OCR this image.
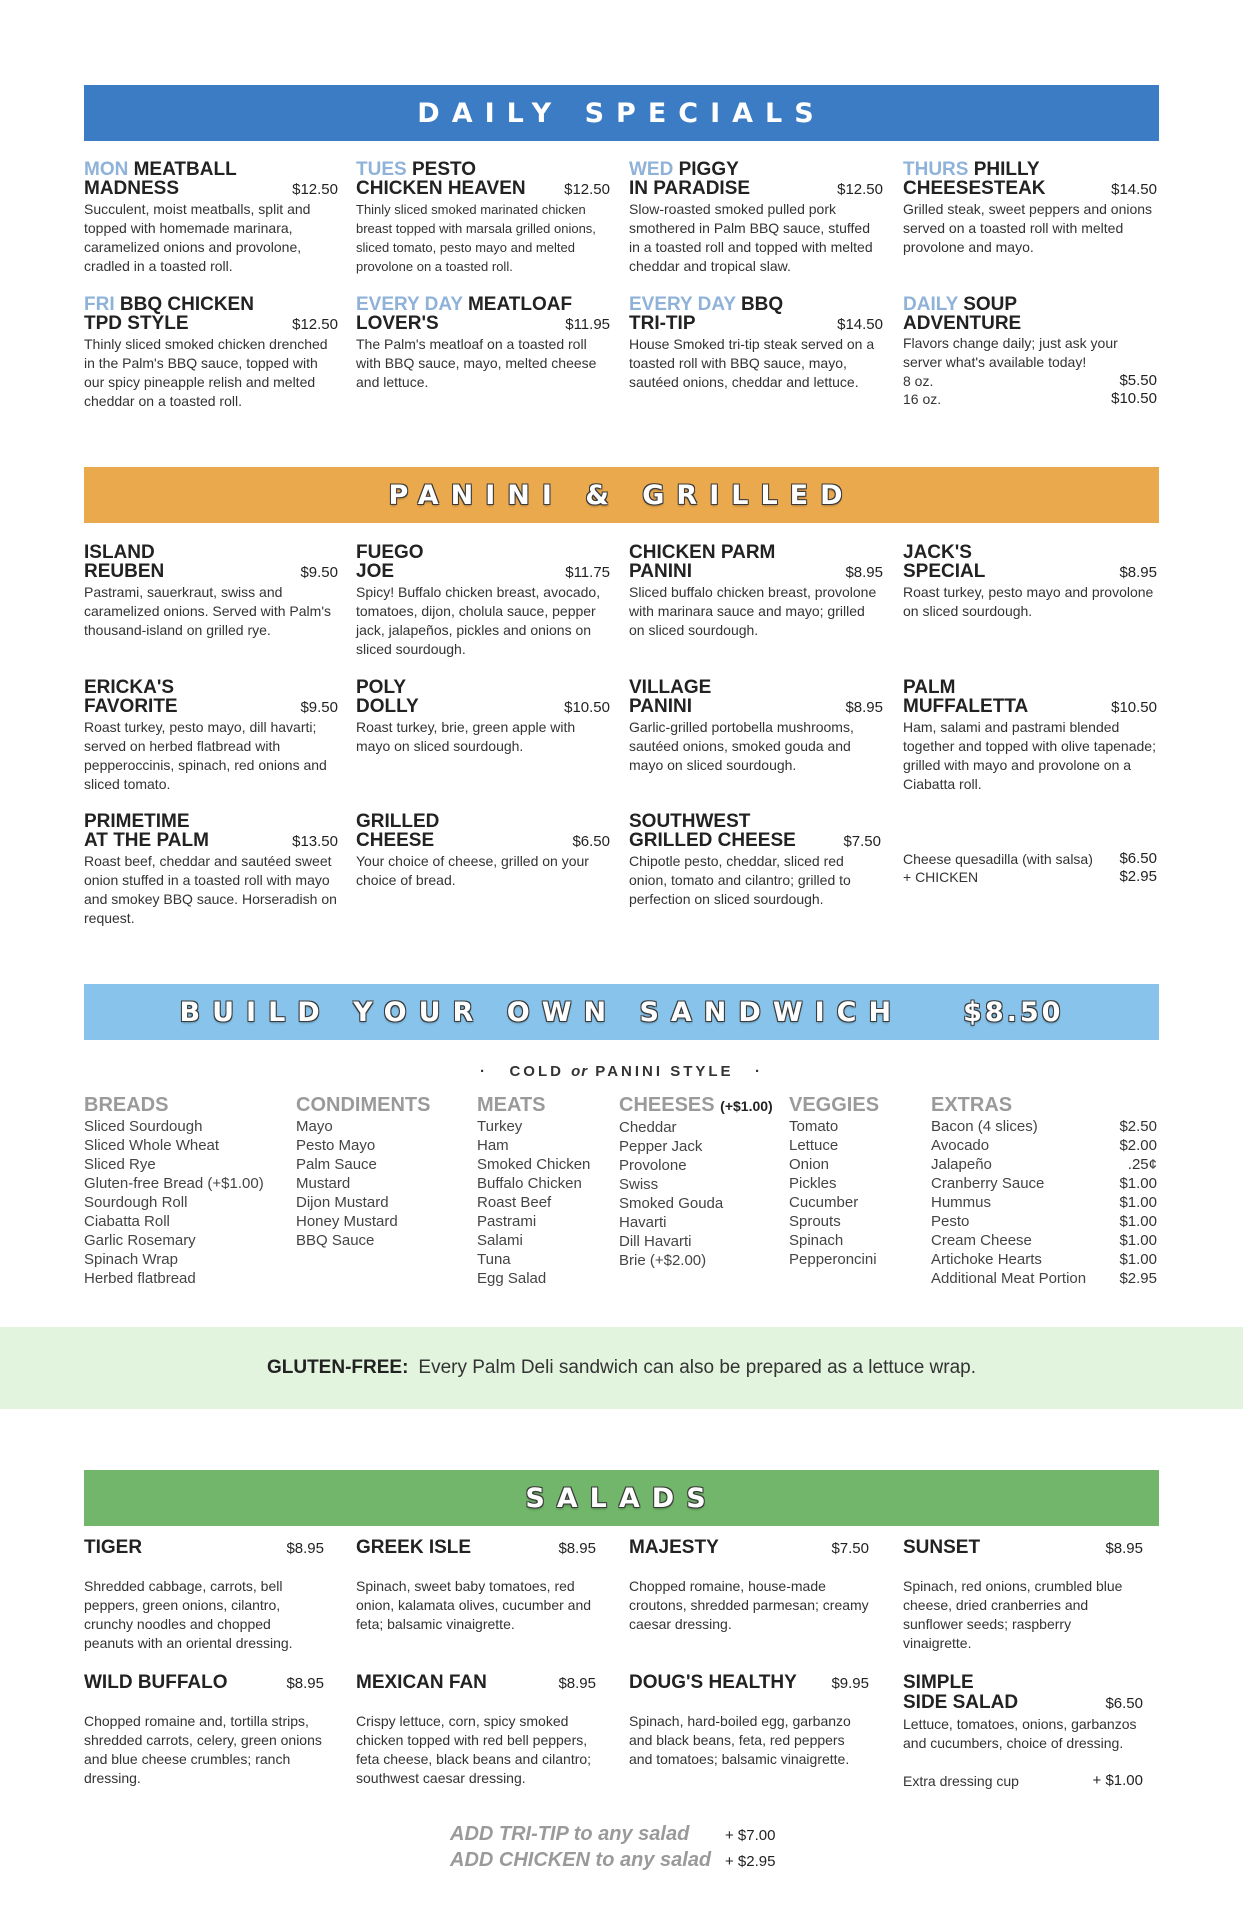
DAILY SPECIALS
MON MEATBALL
MADNESS	$12.50
Succulent, moist meatballs, split and topped with homemade marinara, caramelized onions and provolone, cradled in a toasted roll.
TUES PESTO
CHICKEN HEAVEN	$12.50
Thinly sliced smoked marinated chicken breast topped with marsala grilled onions, sliced tomato, pesto mayo and melted provolone on a toasted roll.
WED PIGGY
IN PARADISE	$12.50
Slow-roasted smoked pulled pork smothered in Palm BBQ sauce, stuffed in a toasted roll and topped with melted cheddar and tropical slaw.
THURS PHILLY
CHEESESTEAK	$14.50
Grilled steak, sweet peppers and onions served on a toasted roll with melted provolone and mayo.
FRI BBQ CHICKEN
TPD STYLE	$12.50
Thinly sliced smoked chicken drenched in the Palm's BBQ sauce, topped with our spicy pineapple relish and melted cheddar on a toasted roll.
EVERY DAY MEATLOAF
LOVER'S	$11.95
The Palm's meatloaf on a toasted roll with BBQ sauce, mayo, melted cheese and lettuce.
EVERY DAY BBQ
TRI-TIP	$14.50
House Smoked tri-tip steak served on a toasted roll with BBQ sauce, mayo, sautéed onions, cheddar and lettuce.
DAILY SOUP
ADVENTURE
Flavors change daily; just ask your server what's available today!
8 oz.	$5.50
16 oz.	$10.50
PANINI & GRILLED
ISLAND
REUBEN	$9.50
Pastrami, sauerkraut, swiss and caramelized onions. Served with Palm's thousand-island on grilled rye.
FUEGO
JOE	$11.75
Spicy! Buffalo chicken breast, avocado, tomatoes, dijon, cholula sauce, pepper jack, jalapeños, pickles and onions on sliced sourdough.
CHICKEN PARM
PANINI	$8.95
Sliced buffalo chicken breast, provolone with marinara sauce and mayo; grilled on sliced sourdough.
JACK'S
SPECIAL	$8.95
Roast turkey, pesto mayo and provolone on sliced sourdough.
ERICKA'S
FAVORITE	$9.50
Roast turkey, pesto mayo, dill havarti; served on herbed flatbread with pepperoccinis, spinach, red onions and sliced tomato.
POLY
DOLLY	$10.50
Roast turkey, brie, green apple with mayo on sliced sourdough.
VILLAGE
PANINI	$8.95
Garlic-grilled portobella mushrooms, sautéed onions, smoked gouda and mayo on sliced sourdough.
PALM
MUFFALETTA	$10.50
Ham, salami and pastrami blended together and topped with olive tapenade; grilled with mayo and provolone on a Ciabatta roll.
PRIMETIME
AT THE PALM	$13.50
Roast beef, cheddar and sautéed sweet onion stuffed in a toasted roll with mayo and smokey BBQ sauce. Horseradish on request.
GRILLED
CHEESE	$6.50
Your choice of cheese, grilled on your choice of bread.
SOUTHWEST
GRILLED CHEESE	$7.50
Chipotle pesto, cheddar, sliced red onion, tomato and cilantro; grilled to perfection on sliced sourdough.
Cheese quesadilla (with salsa) $6.50
+ CHICKEN	$2.95
BUILD YOUR OWN SANDWICH $8.50
· COLD or PANINI STYLE ·
BREADS
Sliced Sourdough
Sliced Whole Wheat
Sliced Rye
Gluten-free Bread (+$1.00)
Sourdough Roll
Ciabatta Roll
Garlic Rosemary
Spinach Wrap
Herbed flatbread
CONDIMENTS
Mayo
Pesto Mayo
Palm Sauce
Mustard
Dijon Mustard
Honey Mustard
BBQ Sauce
MEATS
Turkey
Ham
Smoked Chicken
Buffalo Chicken
Roast Beef
Pastrami
Salami
Tuna
Egg Salad
CHEESES (+$1.00)
Cheddar
Pepper Jack
Provolone
Swiss
Smoked Gouda
Havarti
Dill Havarti
Brie (+$2.00)
VEGGIES
Tomato
Lettuce
Onion
Pickles
Cucumber
Sprouts
Spinach
Pepperoncini
EXTRAS
Bacon (4 slices)	$2.50
Avocado	$2.00
Jalapeño	.25¢
Cranberry Sauce	$1.00
Hummus	$1.00
Pesto	$1.00
Cream Cheese	$1.00
Artichoke Hearts	$1.00
Additional Meat Portion $2.95
GLUTEN-FREE: Every Palm Deli sandwich can also be prepared as a lettuce wrap.
SALADS
TIGER	$8.95
Shredded cabbage, carrots, bell peppers, green onions, cilantro, crunchy noodles and chopped peanuts with an oriental dressing.
GREEK ISLE	$8.95
Spinach, sweet baby tomatoes, red onion, kalamata olives, cucumber and feta; balsamic vinaigrette.
MAJESTY	$7.50
Chopped romaine, house-made croutons, shredded parmesan; creamy caesar dressing.
SUNSET	$8.95
Spinach, red onions, crumbled blue cheese, dried cranberries and sunflower seeds; raspberry vinaigrette.
WILD BUFFALO	$8.95
Chopped romaine and, tortilla strips, shredded carrots, celery, green onions and blue cheese crumbles; ranch dressing.
MEXICAN FAN	$8.95
Crispy lettuce, corn, spicy smoked chicken topped with red bell peppers, feta cheese, black beans and cilantro; southwest caesar dressing.
DOUG'S HEALTHY $9.95
Spinach, hard-boiled egg, garbanzo and black beans, feta, red peppers and tomatoes; balsamic vinaigrette.
SIMPLE
SIDE SALAD	$6.50
Lettuce, tomatoes, onions, garbanzos and cucumbers, choice of dressing.
Extra dressing cup	+ $1.00
ADD TRI-TIP to any salad	+ $7.00
ADD CHICKEN to any salad + $2.95
